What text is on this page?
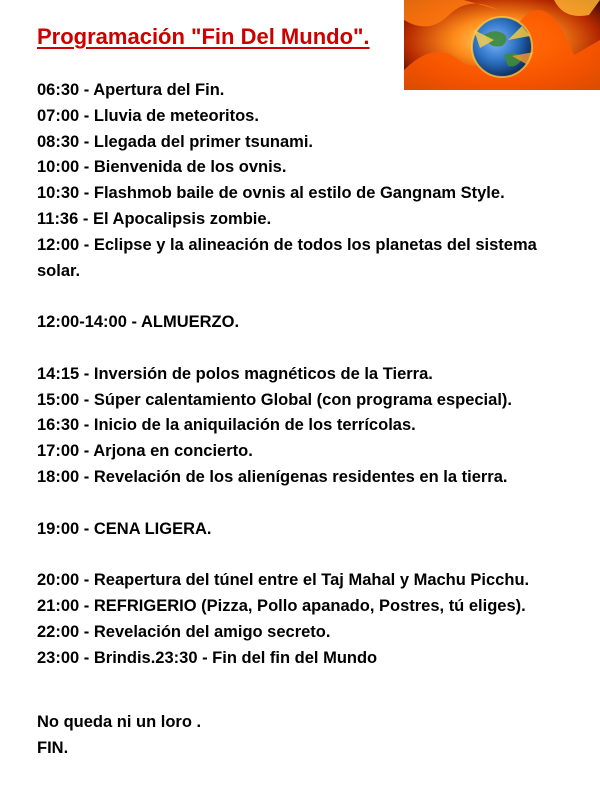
Programación "Fin Del Mundo".
06:30 - Apertura del Fin.
07:00 - Lluvia de meteoritos.
08:30 - Llegada del primer tsunami.
10:00 - Bienvenida de los ovnis.
10:30 - Flashmob baile de ovnis al estilo de Gangnam Style.
11:36 - El Apocalipsis zombie.
12:00 - Eclipse y la alineación de todos los planetas del sistema solar.
12:00-14:00 - ALMUERZO.
14:15 - Inversión de polos magnéticos de la Tierra.
15:00 - Súper calentamiento Global (con programa especial).
16:30 - Inicio de la aniquilación de los terrícolas.
17:00 - Arjona en concierto.
18:00 - Revelación de los alienígenas residentes en la tierra.
19:00 - CENA LIGERA.
20:00 - Reapertura del túnel entre el Taj Mahal y Machu Picchu.
21:00 - REFRIGERIO (Pizza, Pollo apanado, Postres, tú eliges).
22:00 - Revelación del amigo secreto.
23:00 - Brindis.23:30 - Fin del fin del Mundo
No queda ni un loro .
FIN.
